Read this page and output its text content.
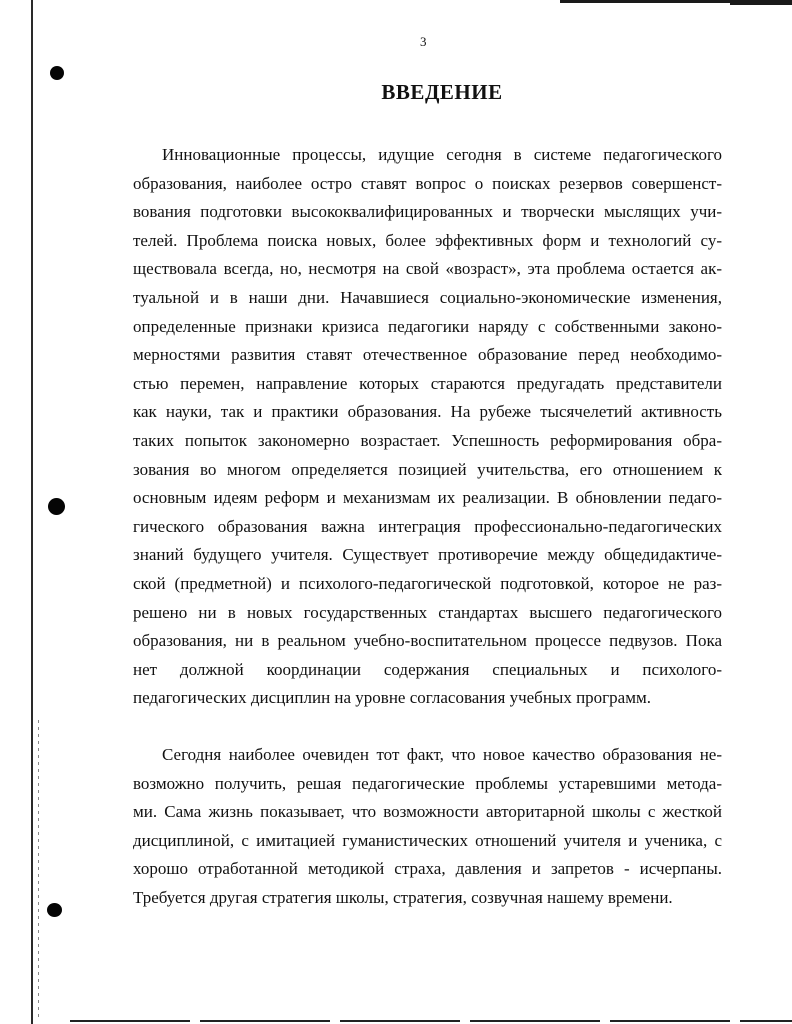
3
ВВЕДЕНИЕ
Инновационные процессы, идущие сегодня в системе педагогического
образования, наиболее остро ставят вопрос о поисках резервов совершенст-
вования подготовки высококвалифицированных и творчески мыслящих учи-
телей. Проблема поиска новых, более эффективных форм и технологий су-
ществовала всегда, но, несмотря на свой «возраст», эта проблема остается ак-
туальной и в наши дни. Начавшиеся социально-экономические изменения,
определенные признаки кризиса педагогики наряду с собственными законо-
мерностями развития ставят отечественное образование перед необходимо-
стью перемен, направление которых стараются предугадать представители
как науки, так и практики образования. На рубеже тысячелетий активность
таких попыток закономерно возрастает. Успешность реформирования обра-
зования во многом определяется позицией учительства, его отношением к
основным идеям реформ и механизмам их реализации. В обновлении педаго-
гического образования важна интеграция профессионально-педагогических
знаний будущего учителя. Существует противоречие между общедидактиче-
ской (предметной) и психолого-педагогической подготовкой, которое не раз-
решено ни в новых государственных стандартах высшего педагогического
образования, ни в реальном учебно-воспитательном процессе педвузов. Пока
нет должной координации содержания специальных и психолого-
педагогических дисциплин на уровне согласования учебных программ.
Сегодня наиболее очевиден тот факт, что новое качество образования не-
возможно получить, решая педагогические проблемы устаревшими метода-
ми. Сама жизнь показывает, что возможности авторитарной школы с жесткой
дисциплиной, с имитацией гуманистических отношений учителя и ученика, с
хорошо отработанной методикой страха, давления и запретов - исчерпаны.
Требуется другая стратегия школы, стратегия, созвучная нашему времени.
